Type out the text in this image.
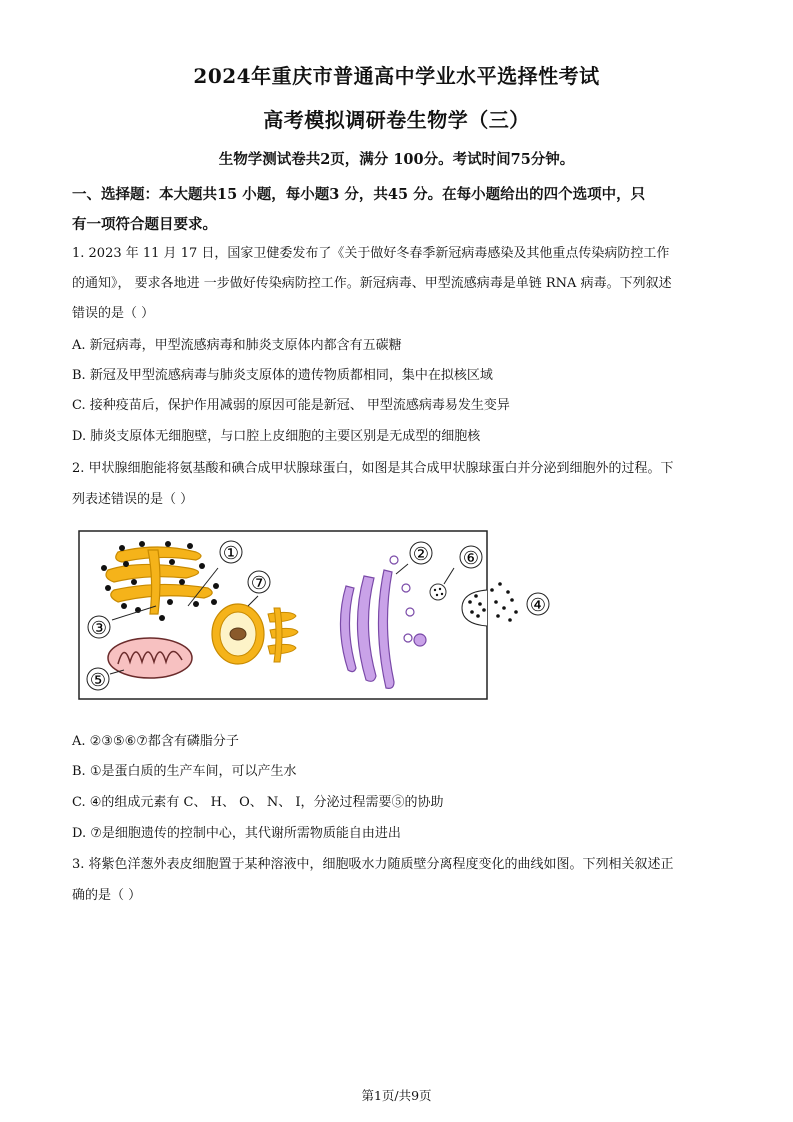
2024年重庆市普通高中学业水平选择性考试
高考模拟调研卷生物学（三）
生物学测试卷共2页，满分 100分。考试时间75分钟。
一、选择题：本大题共15 小题，每小题3 分，共45 分。在每小题给出的四个选项中，只
有一项符合题目要求。
1. 2023 年 11 月 17 日，国家卫健委发布了《关于做好冬春季新冠病毒感染及其他重点传染病防控工作
的通知》， 要求各地进 一步做好传染病防控工作。新冠病毒、甲型流感病毒是单链 RNA 病毒。下列叙述
错误的是（ ）
A. 新冠病毒，甲型流感病毒和肺炎支原体内都含有五碳糖
B. 新冠及甲型流感病毒与肺炎支原体的遗传物质都相同，集中在拟核区域
C. 接种疫苗后，保护作用减弱的原因可能是新冠、 甲型流感病毒易发生变异
D. 肺炎支原体无细胞壁，与口腔上皮细胞的主要区别是无成型的细胞核
2. 甲状腺细胞能将氨基酸和碘合成甲状腺球蛋白，如图是其合成甲状腺球蛋白并分泌到细胞外的过程。下
列表述错误的是（ ）
①
③
⑤
⑦
② ⑥
④
A. ②③⑤⑥⑦都含有磷脂分子
B. ①是蛋白质的生产车间，可以产生水
C. ④的组成元素有 C、 H、 O、 N、 I，分泌过程需要⑤的协助
D. ⑦是细胞遗传的控制中心，其代谢所需物质能自由进出
3. 将紫色洋葱外表皮细胞置于某种溶液中，细胞吸水力随质壁分离程度变化的曲线如图。下列相关叙述正
确的是（ ）
第1页/共9页
